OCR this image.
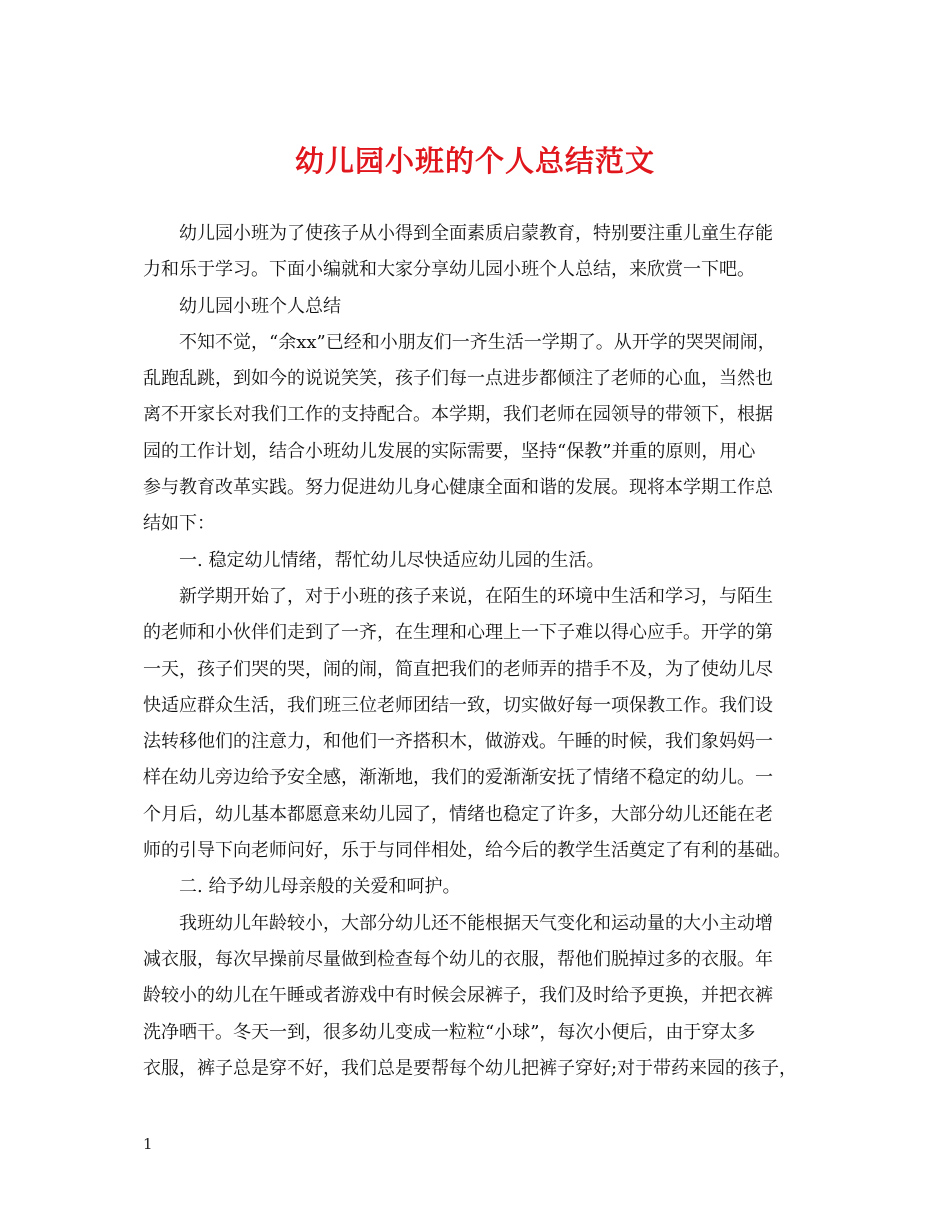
幼儿园小班的个人总结范文
幼儿园小班为了使孩子从小得到全面素质启蒙教育，特别要注重儿童生存能
力和乐于学习。下面小编就和大家分享幼儿园小班个人总结，来欣赏一下吧。
幼儿园小班个人总结
不知不觉，“余xx”已经和小朋友们一齐生活一学期了。从开学的哭哭闹闹，
乱跑乱跳，到如今的说说笑笑，孩子们每一点进步都倾注了老师的心血，当然也
离不开家长对我们工作的支持配合。本学期，我们老师在园领导的带领下，根据
园的工作计划，结合小班幼儿发展的实际需要，坚持“保教”并重的原则，用心
参与教育改革实践。努力促进幼儿身心健康全面和谐的发展。现将本学期工作总
结如下：
一. 稳定幼儿情绪，帮忙幼儿尽快适应幼儿园的生活。
新学期开始了，对于小班的孩子来说，在陌生的环境中生活和学习，与陌生
的老师和小伙伴们走到了一齐，在生理和心理上一下子难以得心应手。开学的第
一天，孩子们哭的哭，闹的闹，简直把我们的老师弄的措手不及，为了使幼儿尽
快适应群众生活，我们班三位老师团结一致，切实做好每一项保教工作。我们设
法转移他们的注意力，和他们一齐搭积木，做游戏。午睡的时候，我们象妈妈一
样在幼儿旁边给予安全感，渐渐地，我们的爱渐渐安抚了情绪不稳定的幼儿。一
个月后，幼儿基本都愿意来幼儿园了，情绪也稳定了许多，大部分幼儿还能在老
师的引导下向老师问好，乐于与同伴相处，给今后的教学生活奠定了有利的基础。
二. 给予幼儿母亲般的关爱和呵护。
我班幼儿年龄较小，大部分幼儿还不能根据天气变化和运动量的大小主动增
减衣服，每次早操前尽量做到检查每个幼儿的衣服，帮他们脱掉过多的衣服。年
龄较小的幼儿在午睡或者游戏中有时候会尿裤子，我们及时给予更换，并把衣裤
洗净晒干。冬天一到，很多幼儿变成一粒粒“小球”，每次小便后，由于穿太多
衣服，裤子总是穿不好，我们总是要帮每个幼儿把裤子穿好;对于带药来园的孩子，
1
